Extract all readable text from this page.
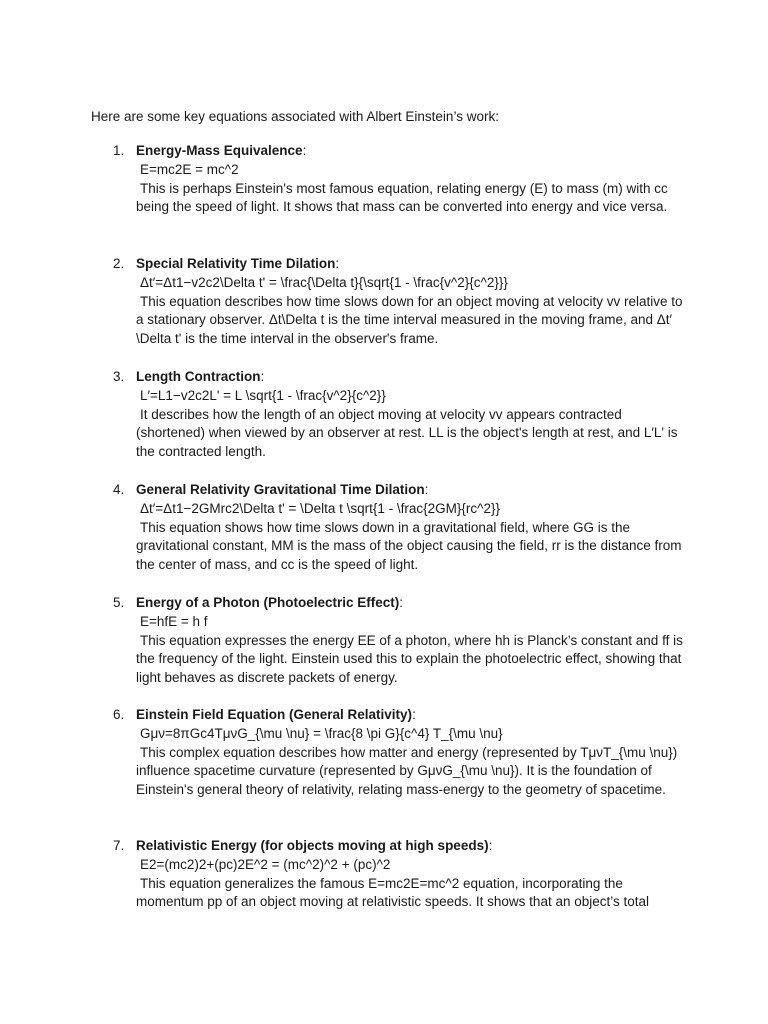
Here are some key equations associated with Albert Einstein’s work:
1. Energy-Mass Equivalence:
E=mc2E = mc^2
This is perhaps Einstein's most famous equation, relating energy (E) to mass (m) with cc being the speed of light. It shows that mass can be converted into energy and vice versa.
2. Special Relativity Time Dilation:
Δt′=Δt1−v2c2\Delta t' = \frac{\Delta t}{\sqrt{1 - \frac{v^2}{c^2}}}
This equation describes how time slows down for an object moving at velocity vv relative to a stationary observer. Δt\Delta t is the time interval measured in the moving frame, and Δt′\Delta t' is the time interval in the observer's frame.
3. Length Contraction:
L′=L1−v2c2L' = L \sqrt{1 - \frac{v^2}{c^2}}
It describes how the length of an object moving at velocity vv appears contracted (shortened) when viewed by an observer at rest. LL is the object's length at rest, and L′L' is the contracted length.
4. General Relativity Gravitational Time Dilation:
Δt′=Δt1−2GMrc2\Delta t' = \Delta t \sqrt{1 - \frac{2GM}{rc^2}}
This equation shows how time slows down in a gravitational field, where GG is the gravitational constant, MM is the mass of the object causing the field, rr is the distance from the center of mass, and cc is the speed of light.
5. Energy of a Photon (Photoelectric Effect):
E=hfE = h f
This equation expresses the energy EE of a photon, where hh is Planck’s constant and ff is the frequency of the light. Einstein used this to explain the photoelectric effect, showing that light behaves as discrete packets of energy.
6. Einstein Field Equation (General Relativity):
Gμν=8πGc4TμνG_{\mu \nu} = \frac{8 \pi G}{c^4} T_{\mu \nu}
This complex equation describes how matter and energy (represented by TμνT_{\mu \nu}) influence spacetime curvature (represented by GμνG_{\mu \nu}). It is the foundation of Einstein's general theory of relativity, relating mass-energy to the geometry of spacetime.
7. Relativistic Energy (for objects moving at high speeds):
E2=(mc2)2+(pc)2E^2 = (mc^2)^2 + (pc)^2
This equation generalizes the famous E=mc2E=mc^2 equation, incorporating the momentum pp of an object moving at relativistic speeds. It shows that an object’s total
